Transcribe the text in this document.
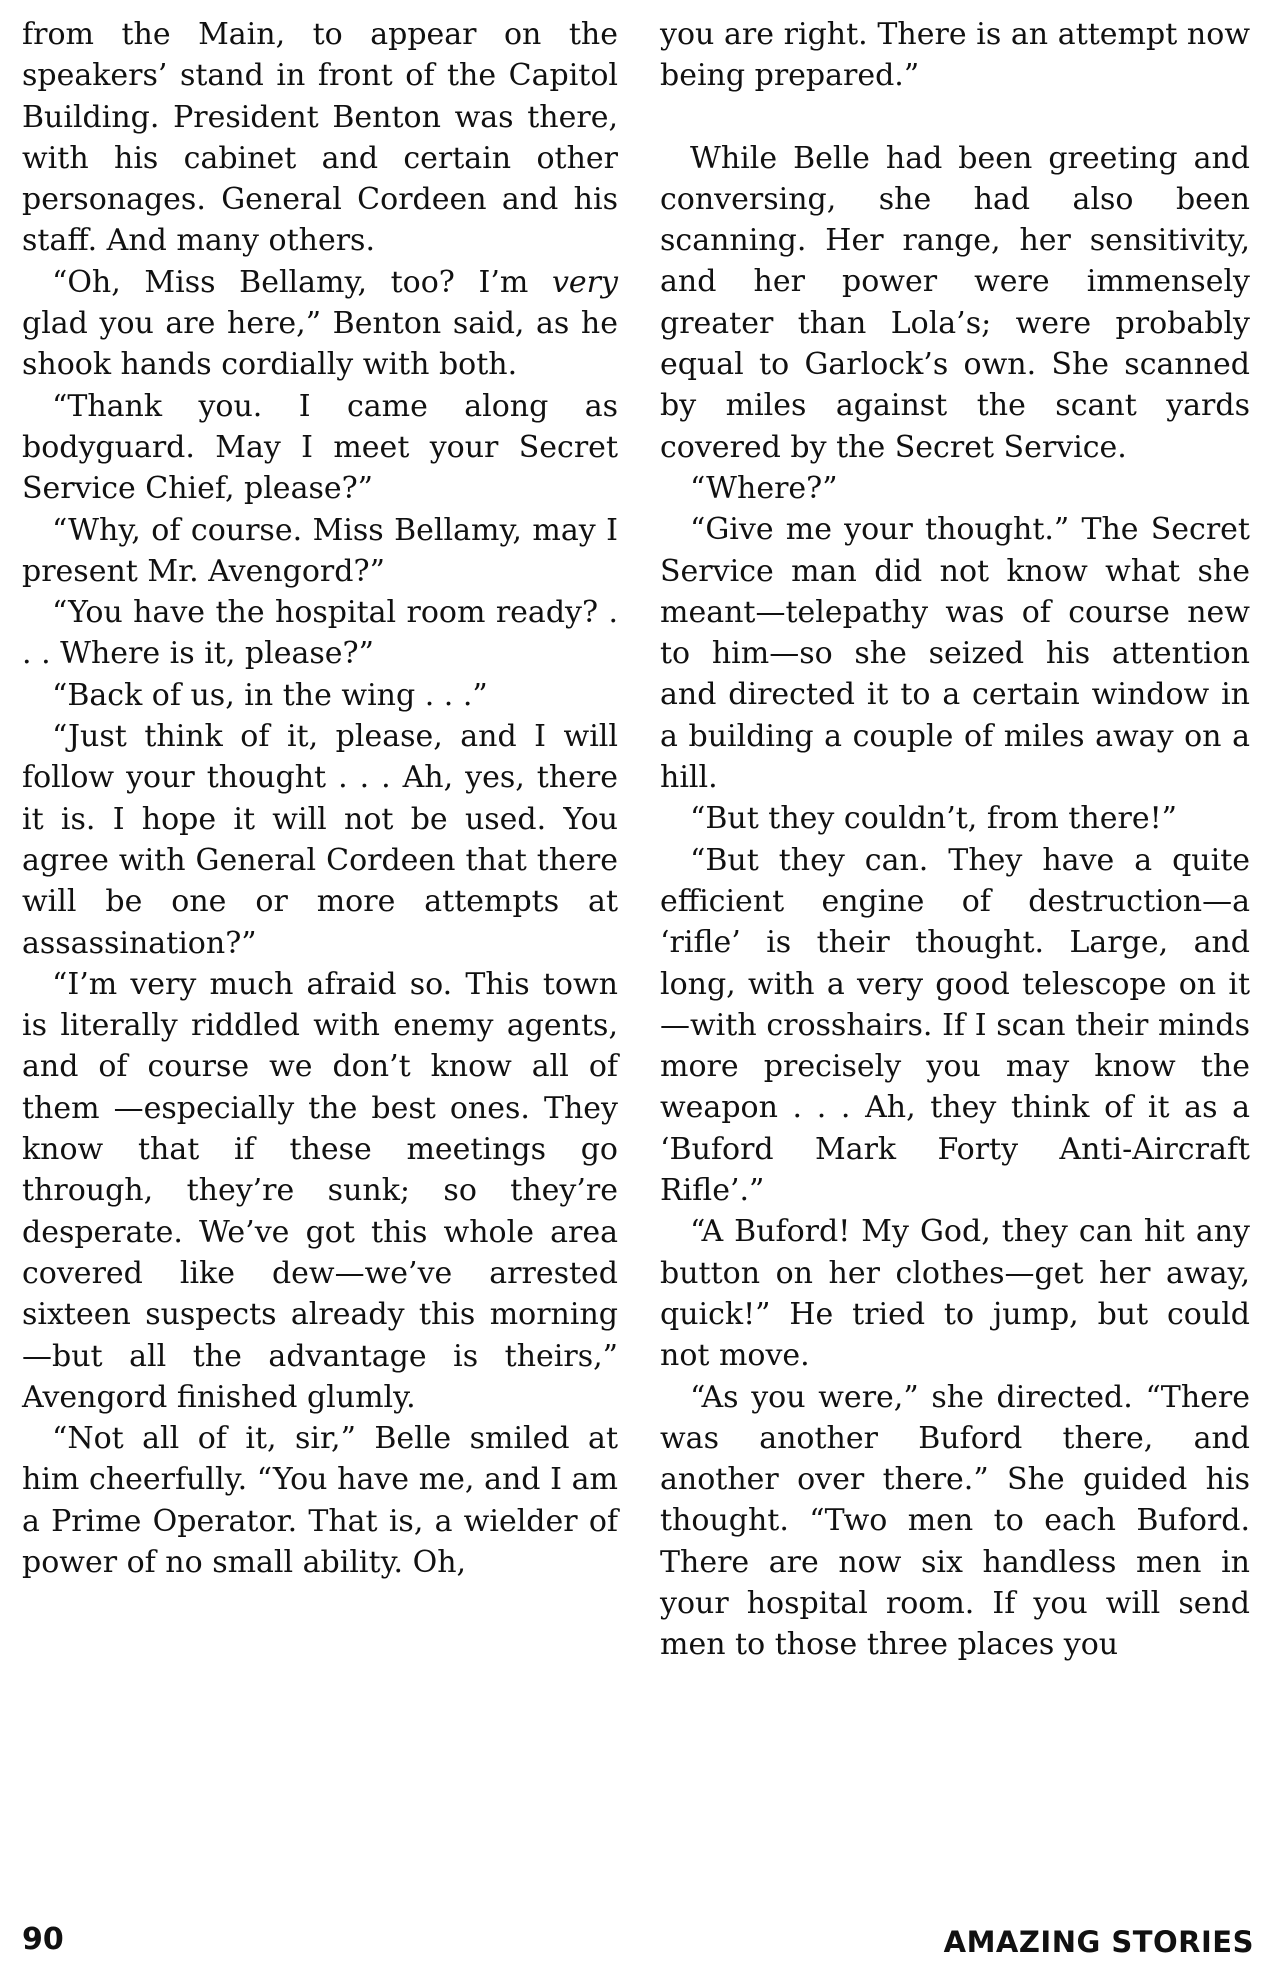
from the Main, to appear on the speakers’ stand in front of the Capitol Building. President Benton was there, with his cabinet and certain other personages. General Cordeen and his staff. And many others.

“Oh, Miss Bellamy, too? I’m very glad you are here,” Benton said, as he shook hands cordially with both.

“Thank you. I came along as bodyguard. May I meet your Secret Service Chief, please?”

“Why, of course. Miss Bellamy, may I present Mr. Avengord?”

“You have the hospital room ready? . . . Where is it, please?”

“Back of us, in the wing . . .”

“Just think of it, please, and I will follow your thought . . . Ah, yes, there it is. I hope it will not be used. You agree with General Cordeen that there will be one or more attempts at assassination?”

“I’m very much afraid so. This town is literally riddled with enemy agents, and of course we don’t know all of them —especially the best ones. They know that if these meetings go through, they’re sunk; so they’re desperate. We’ve got this whole area covered like dew—we’ve arrested sixteen suspects already this morning—but all the advantage is theirs,” Avengord finished glumly.

“Not all of it, sir,” Belle smiled at him cheerfully. “You have me, and I am a Prime Operator. That is, a wielder of power of no small ability. Oh,

you are right. There is an attempt now being prepared.”

While Belle had been greeting and conversing, she had also been scanning. Her range, her sensitivity, and her power were immensely greater than Lola’s; were probably equal to Garlock’s own. She scanned by miles against the scant yards covered by the Secret Service.

“Where?”

“Give me your thought.” The Secret Service man did not know what she meant—telepathy was of course new to him—so she seized his attention and directed it to a certain window in a building a couple of miles away on a hill.

“But they couldn’t, from there!”

“But they can. They have a quite efficient engine of destruction—a ‘rifle’ is their thought. Large, and long, with a very good telescope on it—with crosshairs. If I scan their minds more precisely you may know the weapon . . . Ah, they think of it as a ‘Buford Mark Forty Anti-Aircraft Rifle’.”

“A Buford! My God, they can hit any button on her clothes—get her away, quick!” He tried to jump, but could not move.

“As you were,” she directed. “There was another Buford there, and another over there.” She guided his thought. “Two men to each Buford. There are now six handless men in your hospital room. If you will send men to those three places you

90	AMAZING STORIES
